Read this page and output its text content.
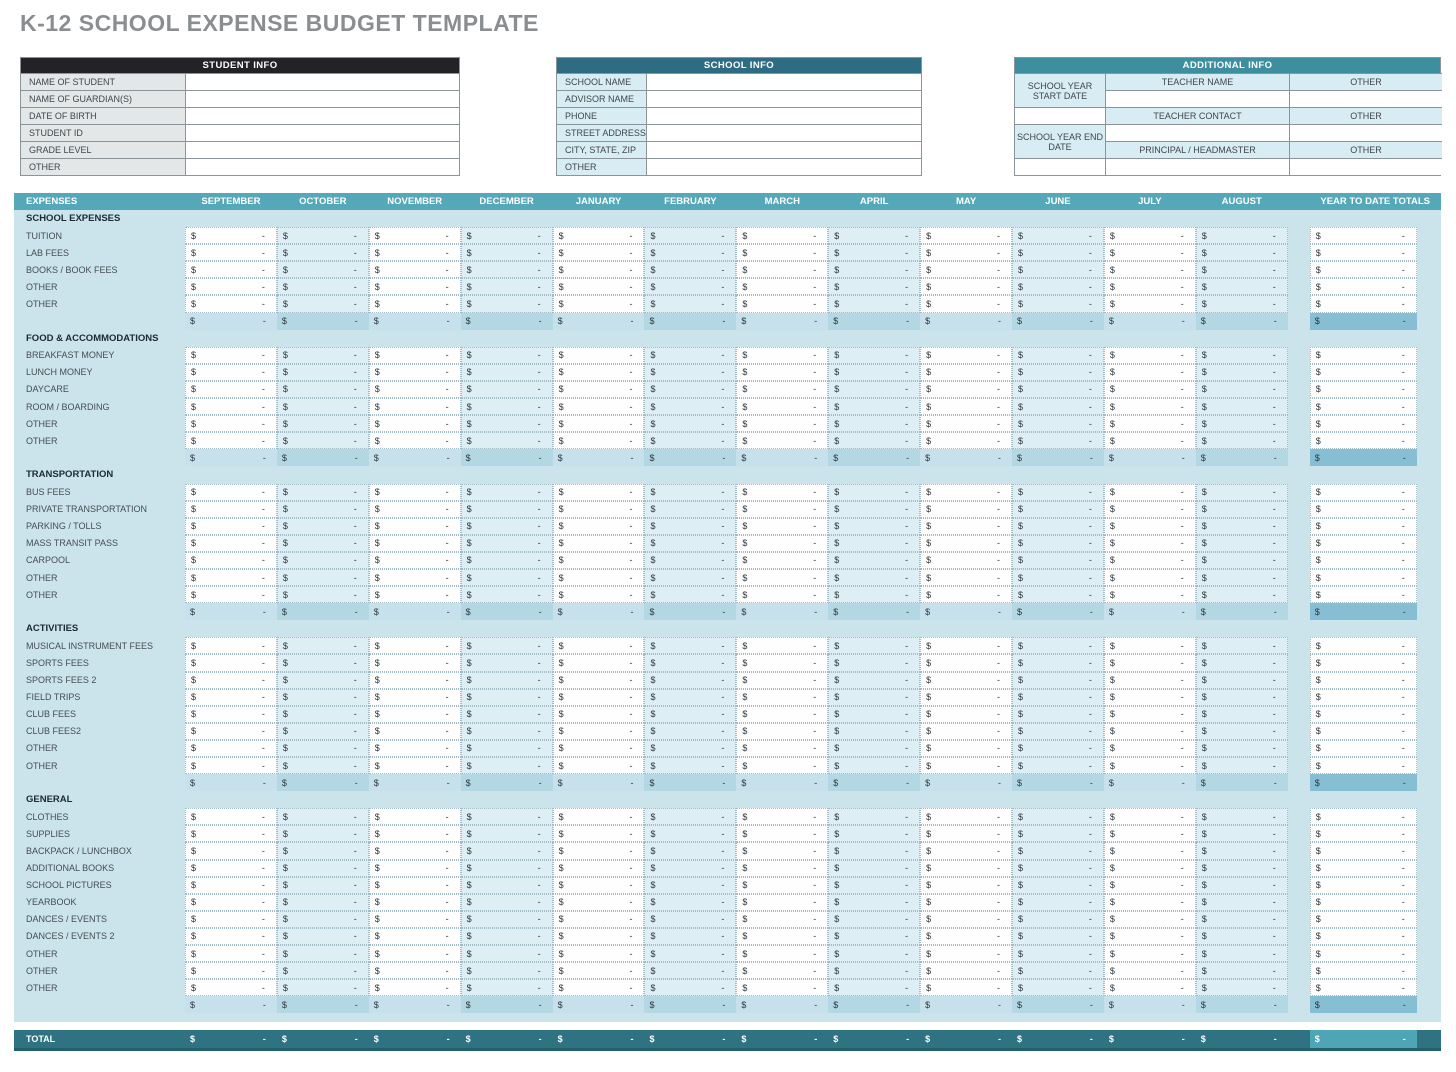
K-12 SCHOOL EXPENSE BUDGET TEMPLATE
STUDENT INFO
NAME OF STUDENT
NAME OF GUARDIAN(S)
DATE OF BIRTH
STUDENT ID
GRADE LEVEL
OTHER
SCHOOL INFO
SCHOOL NAME
ADVISOR NAME
PHONE
STREET ADDRESS
CITY, STATE, ZIP
OTHER
ADDITIONAL INFO
SCHOOL YEAR START DATE
SCHOOL YEAR END DATE
TEACHER NAME
TEACHER CONTACT
PRINCIPAL / HEADMASTER
OTHER
OTHER
OTHER
EXPENSES	SEPTEMBER	OCTOBER	NOVEMBER	DECEMBER	JANUARY	FEBRUARY	MARCH	APRIL	MAY	JUNE	JULY	AUGUST	YEAR TO DATE TOTALS
SCHOOL EXPENSES
TUITION	$	- $	- $	- $	- $	- $	- $	- $	- $	- $	- $	- $	-	$	-
LAB FEES	$	- $	- $	- $	- $	- $	- $	- $	- $	- $	- $	- $	-	$	-
BOOKS / BOOK FEES	$	- $	- $	- $	- $	- $	- $	- $	- $	- $	- $	- $	-	$	-
OTHER	$	- $	- $	- $	- $	- $	- $	- $	- $	- $	- $	- $	-	$	-
OTHER	$	- $	- $	- $	- $	- $	- $	- $	- $	- $	- $	- $	-	$	-
$	- $	- $	- $	- $	- $	- $	- $	- $	- $	- $	- $	-	$	-
FOOD & ACCOMMODATIONS
BREAKFAST MONEY	$	- $	- $	- $	- $	- $	- $	- $	- $	- $	- $	- $	-	$	-
LUNCH MONEY	$	- $	- $	- $	- $	- $	- $	- $	- $	- $	- $	- $	-	$	-
DAYCARE	$	- $	- $	- $	- $	- $	- $	- $	- $	- $	- $	- $	-	$	-
ROOM / BOARDING	$	- $	- $	- $	- $	- $	- $	- $	- $	- $	- $	- $	-	$	-
OTHER	$	- $	- $	- $	- $	- $	- $	- $	- $	- $	- $	- $	-	$	-
OTHER	$	- $	- $	- $	- $	- $	- $	- $	- $	- $	- $	- $	-	$	-
$	- $	- $	- $	- $	- $	- $	- $	- $	- $	- $	- $	-	$	-
TRANSPORTATION
BUS FEES	$	- $	- $	- $	- $	- $	- $	- $	- $	- $	- $	- $	-	$	-
PRIVATE TRANSPORTATION	$	- $	- $	- $	- $	- $	- $	- $	- $	- $	- $	- $	-	$	-
PARKING / TOLLS	$	- $	- $	- $	- $	- $	- $	- $	- $	- $	- $	- $	-	$	-
MASS TRANSIT PASS	$	- $	- $	- $	- $	- $	- $	- $	- $	- $	- $	- $	-	$	-
CARPOOL	$	- $	- $	- $	- $	- $	- $	- $	- $	- $	- $	- $	-	$	-
OTHER	$	- $	- $	- $	- $	- $	- $	- $	- $	- $	- $	- $	-	$	-
OTHER	$	- $	- $	- $	- $	- $	- $	- $	- $	- $	- $	- $	-	$	-
$	- $	- $	- $	- $	- $	- $	- $	- $	- $	- $	- $	-	$	-
ACTIVITIES
MUSICAL INSTRUMENT FEES	$	- $	- $	- $	- $	- $	- $	- $	- $	- $	- $	- $	-	$	-
SPORTS FEES	$	- $	- $	- $	- $	- $	- $	- $	- $	- $	- $	- $	-	$	-
SPORTS FEES 2	$	- $	- $	- $	- $	- $	- $	- $	- $	- $	- $	- $	-	$	-
FIELD TRIPS	$	- $	- $	- $	- $	- $	- $	- $	- $	- $	- $	- $	-	$	-
CLUB FEES	$	- $	- $	- $	- $	- $	- $	- $	- $	- $	- $	- $	-	$	-
CLUB FEES2	$	- $	- $	- $	- $	- $	- $	- $	- $	- $	- $	- $	-	$	-
OTHER	$	- $	- $	- $	- $	- $	- $	- $	- $	- $	- $	- $	-	$	-
OTHER	$	- $	- $	- $	- $	- $	- $	- $	- $	- $	- $	- $	-	$	-
$	- $	- $	- $	- $	- $	- $	- $	- $	- $	- $	- $	-	$	-
GENERAL
CLOTHES	$	- $	- $	- $	- $	- $	- $	- $	- $	- $	- $	- $	-	$	-
SUPPLIES	$	- $	- $	- $	- $	- $	- $	- $	- $	- $	- $	- $	-	$	-
BACKPACK / LUNCHBOX	$	- $	- $	- $	- $	- $	- $	- $	- $	- $	- $	- $	-	$	-
ADDITIONAL BOOKS	$	- $	- $	- $	- $	- $	- $	- $	- $	- $	- $	- $	-	$	-
SCHOOL PICTURES	$	- $	- $	- $	- $	- $	- $	- $	- $	- $	- $	- $	-	$	-
YEARBOOK	$	- $	- $	- $	- $	- $	- $	- $	- $	- $	- $	- $	-	$	-
DANCES / EVENTS	$	- $	- $	- $	- $	- $	- $	- $	- $	- $	- $	- $	-	$	-
DANCES / EVENTS 2	$	- $	- $	- $	- $	- $	- $	- $	- $	- $	- $	- $	-	$	-
OTHER	$	- $	- $	- $	- $	- $	- $	- $	- $	- $	- $	- $	-	$	-
OTHER	$	- $	- $	- $	- $	- $	- $	- $	- $	- $	- $	- $	-	$	-
OTHER	$	- $	- $	- $	- $	- $	- $	- $	- $	- $	- $	- $	-	$	-
$	- $	- $	- $	- $	- $	- $	- $	- $	- $	- $	- $	-	$	-
TOTAL	$	- $	- $	- $	- $	- $	- $	- $	- $	- $	- $	- $	-	$	-
